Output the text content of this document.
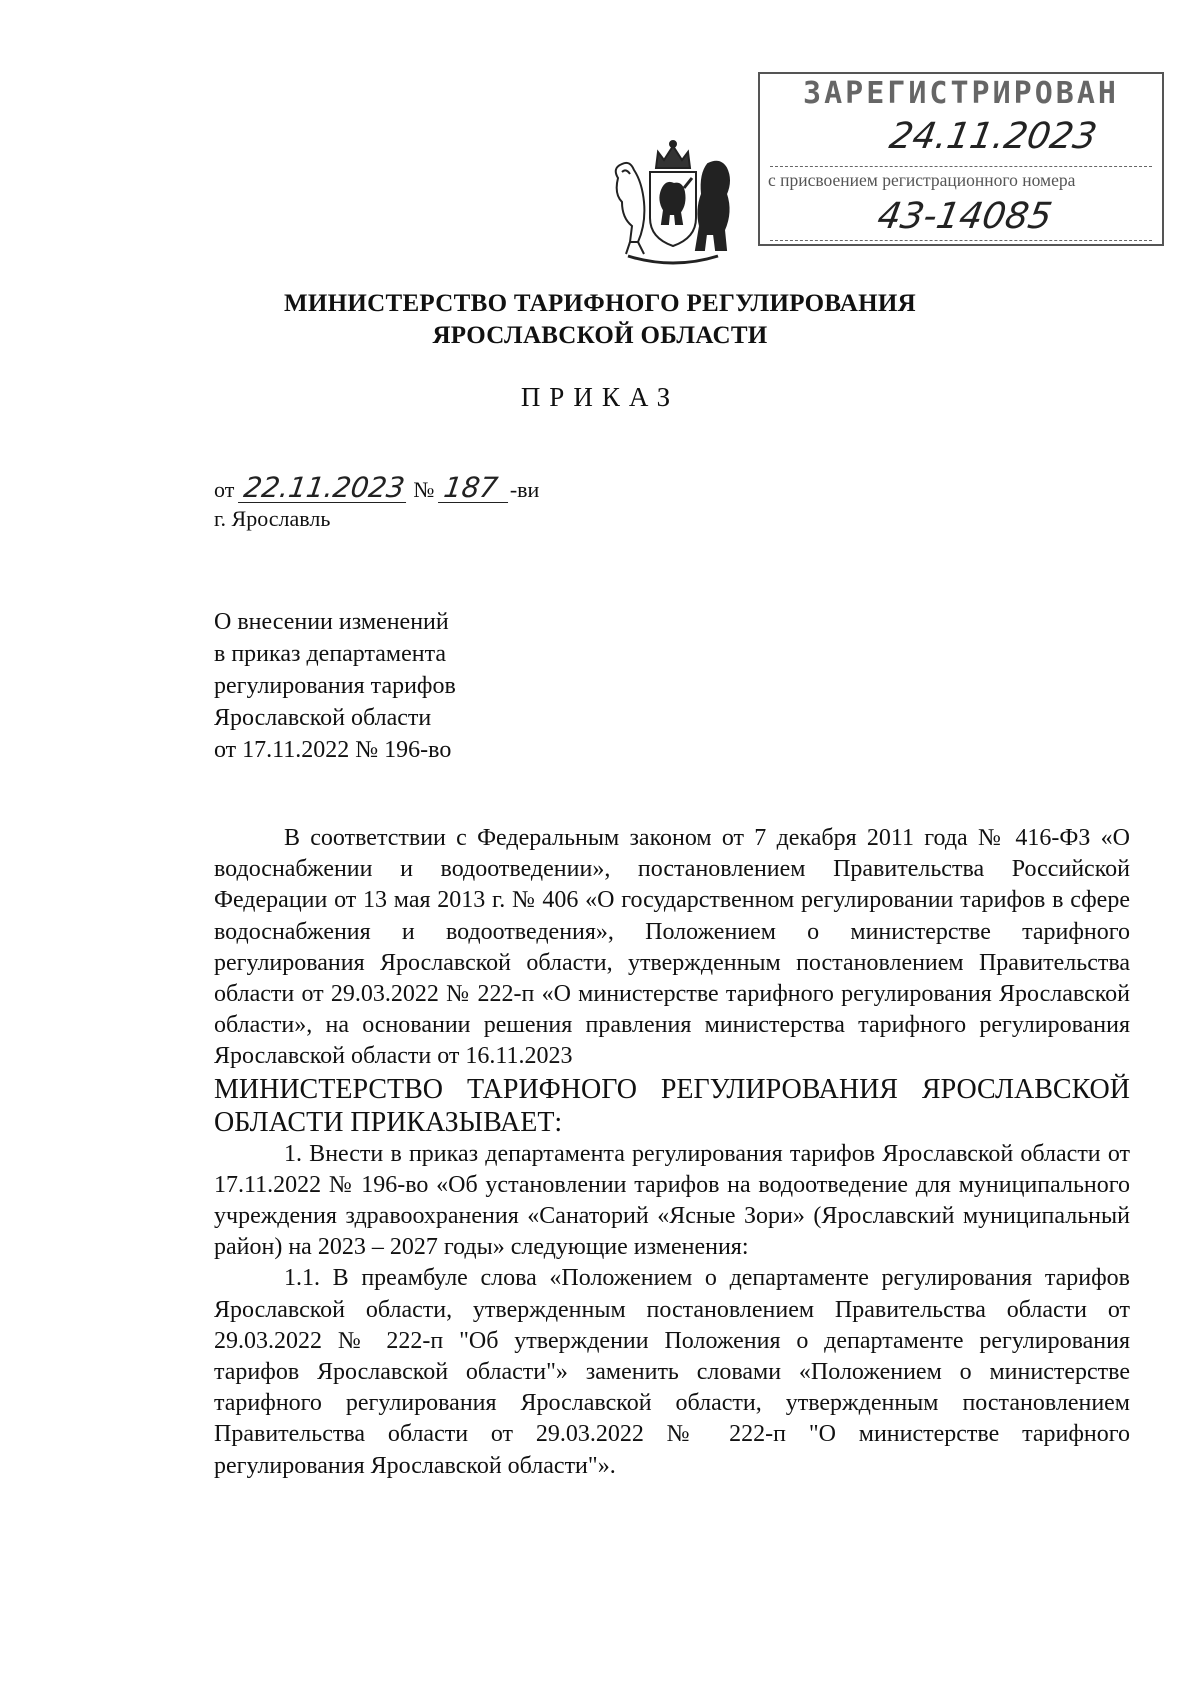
ЗАРЕГИСТРИРОВАН
24.11.2023
с присвоением регистрационного номера
43-14085
МИНИСТЕРСТВО ТАРИФНОГО РЕГУЛИРОВАНИЯ
ЯРОСЛАВСКОЙ ОБЛАСТИ
ПРИКАЗ
от 22.11.2023 № 187 -ви
г. Ярославль
О внесении изменений
в приказ департамента
регулирования тарифов
Ярославской области
от 17.11.2022 № 196-во

В соответствии с Федеральным законом от 7 декабря 2011 года № 416-ФЗ «О водоснабжении и водоотведении», постановлением Правительства Российской Федерации от 13 мая 2013 г. № 406 «О государственном регулировании тарифов в сфере водоснабжения и водоотведения», Положением о министерстве тарифного регулирования Ярославской области, утвержденным постановлением Правительства области от 29.03.2022 № 222-п «О министерстве тарифного регулирования Ярославской области», на основании решения правления министерства тарифного регулирования Ярославской области от 16.11.2023

МИНИСТЕРСТВО ТАРИФНОГО РЕГУЛИРОВАНИЯ ЯРОСЛАВСКОЙ ОБЛАСТИ ПРИКАЗЫВАЕТ:

1. Внести в приказ департамента регулирования тарифов Ярославской области от 17.11.2022 № 196-во «Об установлении тарифов на водоотведение для муниципального учреждения здравоохранения «Санаторий «Ясные Зори» (Ярославский муниципальный район) на 2023 – 2027 годы» следующие изменения:

1.1. В преамбуле слова «Положением о департаменте регулирования тарифов Ярославской области, утвержденным постановлением Правительства области от 29.03.2022 № 222-п "Об утверждении Положения о департаменте регулирования тарифов Ярославской области"» заменить словами «Положением о министерстве тарифного регулирования Ярославской области, утвержденным постановлением Правительства области от 29.03.2022 № 222-п "О министерстве тарифного регулирования Ярославской области"».
